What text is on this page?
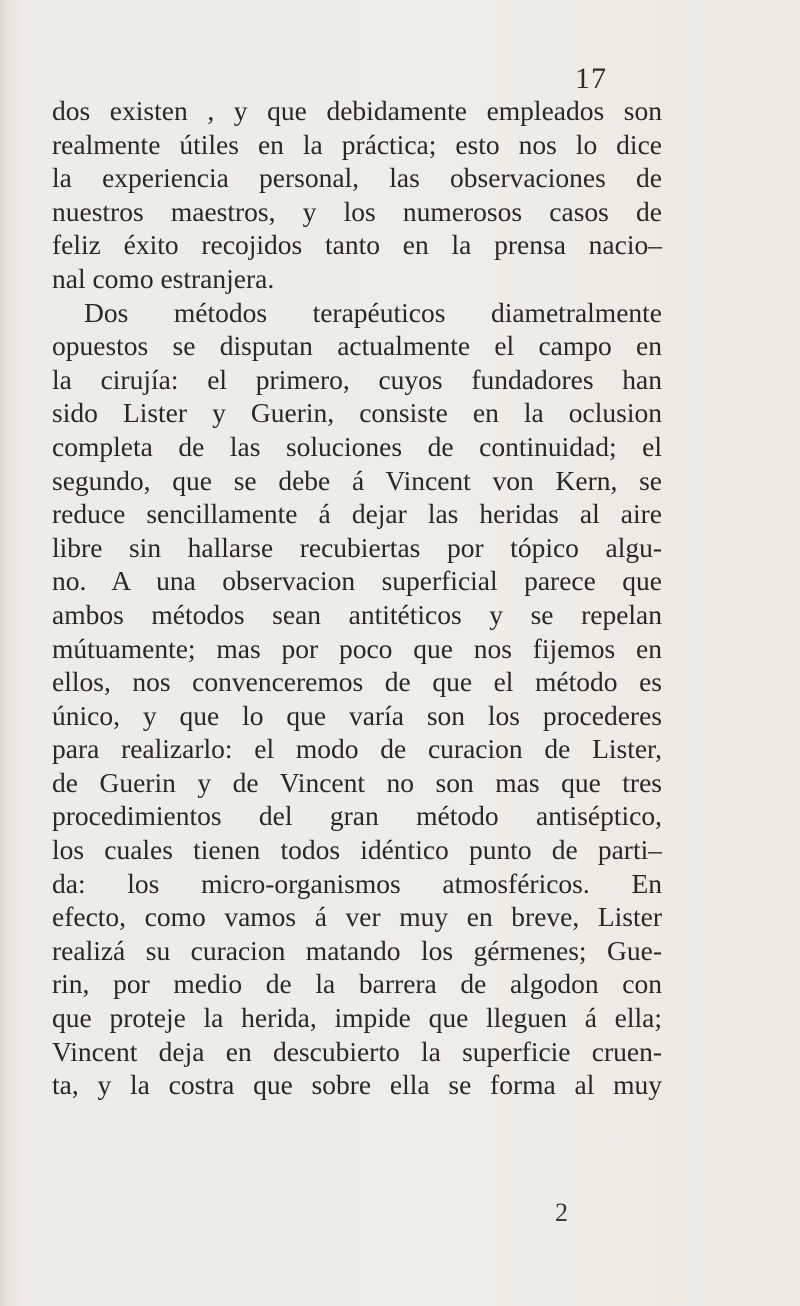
17
dos existen , y que debidamente empleados son
realmente útiles en la práctica; esto nos lo dice
la experiencia personal, las observaciones de
nuestros maestros, y los numerosos casos de
feliz éxito recojidos tanto en la prensa nacio–
nal como estranjera.
Dos métodos terapéuticos diametralmente
opuestos se disputan actualmente el campo en
la cirujía: el primero, cuyos fundadores han
sido Lister y Guerin, consiste en la oclusion
completa de las soluciones de continuidad; el
segundo, que se debe á Vincent von Kern, se
reduce sencillamente á dejar las heridas al aire
libre sin hallarse recubiertas por tópico algu-
no. A una observacion superficial parece que
ambos métodos sean antitéticos y se repelan
mútuamente; mas por poco que nos fijemos en
ellos, nos convenceremos de que el método es
único, y que lo que varía son los procederes
para realizarlo: el modo de curacion de Lister,
de Guerin y de Vincent no son mas que tres
procedimientos del gran método antiséptico,
los cuales tienen todos idéntico punto de parti–
da: los micro-organismos atmosféricos. En
efecto, como vamos á ver muy en breve, Lister
realizá su curacion matando los gérmenes; Gue-
rin, por medio de la barrera de algodon con
que proteje la herida, impide que lleguen á ella;
Vincent deja en descubierto la superficie cruen-
ta, y la costra que sobre ella se forma al muy
2
